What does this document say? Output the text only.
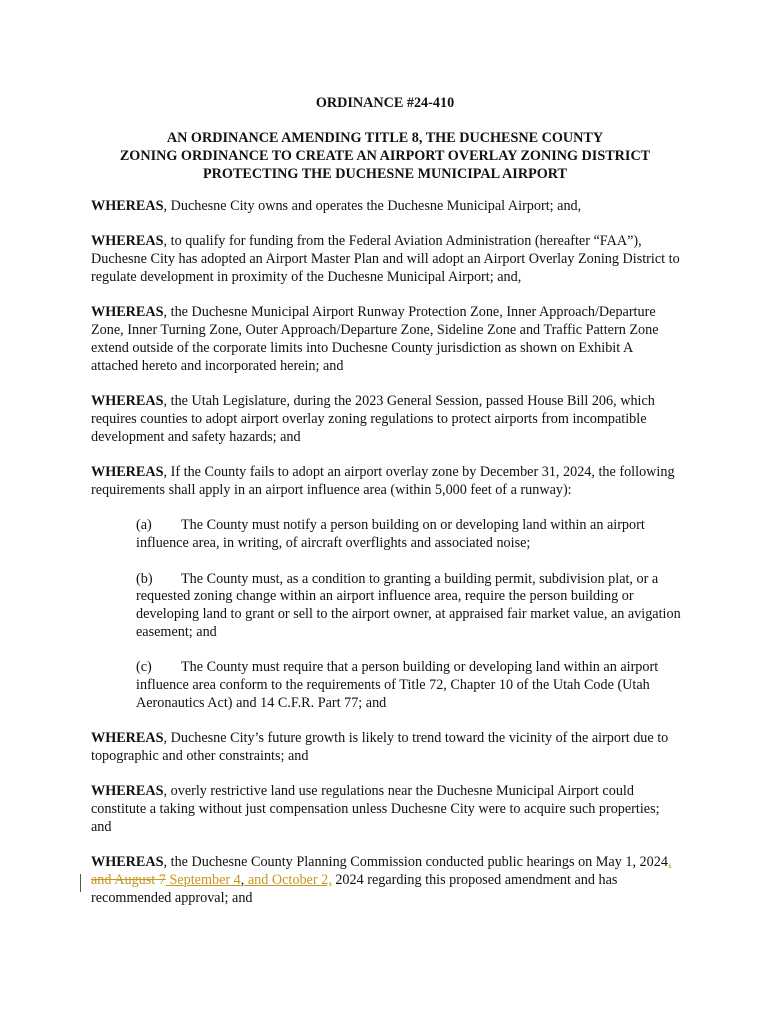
ORDINANCE #24-410
AN ORDINANCE AMENDING TITLE 8, THE DUCHESNE COUNTY
ZONING ORDINANCE TO CREATE AN AIRPORT OVERLAY ZONING DISTRICT
PROTECTING THE DUCHESNE MUNICIPAL AIRPORT

WHEREAS, Duchesne City owns and operates the Duchesne Municipal Airport; and,

WHEREAS, to qualify for funding from the Federal Aviation Administration (hereafter “FAA”), Duchesne City has adopted an Airport Master Plan and will adopt an Airport Overlay Zoning District to regulate development in proximity of the Duchesne Municipal Airport; and,

WHEREAS, the Duchesne Municipal Airport Runway Protection Zone, Inner Approach/Departure Zone, Inner Turning Zone, Outer Approach/Departure Zone, Sideline Zone and Traffic Pattern Zone extend outside of the corporate limits into Duchesne County jurisdiction as shown on Exhibit A attached hereto and incorporated herein; and

WHEREAS, the Utah Legislature, during the 2023 General Session, passed House Bill 206, which requires counties to adopt airport overlay zoning regulations to protect airports from incompatible development and safety hazards; and

WHEREAS, If the County fails to adopt an airport overlay zone by December 31, 2024, the following requirements shall apply in an airport influence area (within 5,000 feet of a runway):

(a) The County must notify a person building on or developing land within an airport influence area, in writing, of aircraft overflights and associated noise;

(b) The County must, as a condition to granting a building permit, subdivision plat, or a requested zoning change within an airport influence area, require the person building or developing land to grant or sell to the airport owner, at appraised fair market value, an avigation easement; and

(c) The County must require that a person building or developing land within an airport influence area conform to the requirements of Title 72, Chapter 10 of the Utah Code (Utah Aeronautics Act) and 14 C.F.R. Part 77; and

WHEREAS, Duchesne City’s future growth is likely to trend toward the vicinity of the airport due to topographic and other constraints; and

WHEREAS, overly restrictive land use regulations near the Duchesne Municipal Airport could constitute a taking without just compensation unless Duchesne City were to acquire such properties; and

WHEREAS, the Duchesne County Planning Commission conducted public hearings on May 1, 2024, and August 7 September 4, and October 2, 2024 regarding this proposed amendment and has recommended approval; and
